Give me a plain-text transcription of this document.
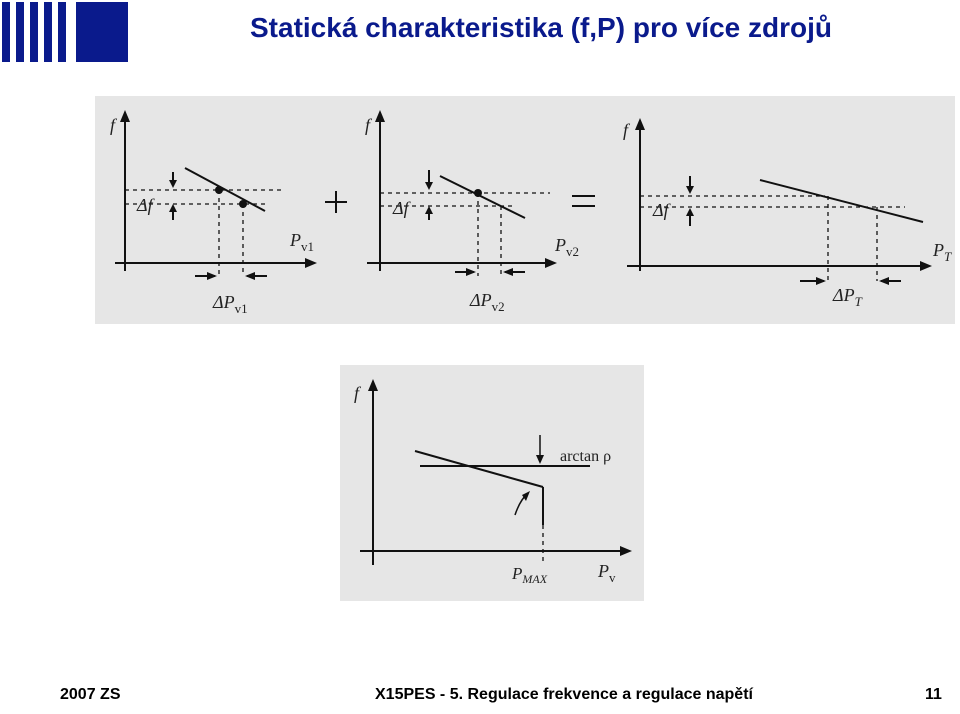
Statická charakteristika (f,P) pro více zdrojů
f
Δf
$P_{v1}$
$\Delta P_{v1}$
f
Δf
$P_{v2}$
$\Delta P_{v2}$
f
Δf
$P_T$
$\Delta P_T$
f
arctan ρ
$P_{MAX}$	$P_v$
2007 ZS	X15PES - 5. Regulace frekvence a regulace napětí	11
